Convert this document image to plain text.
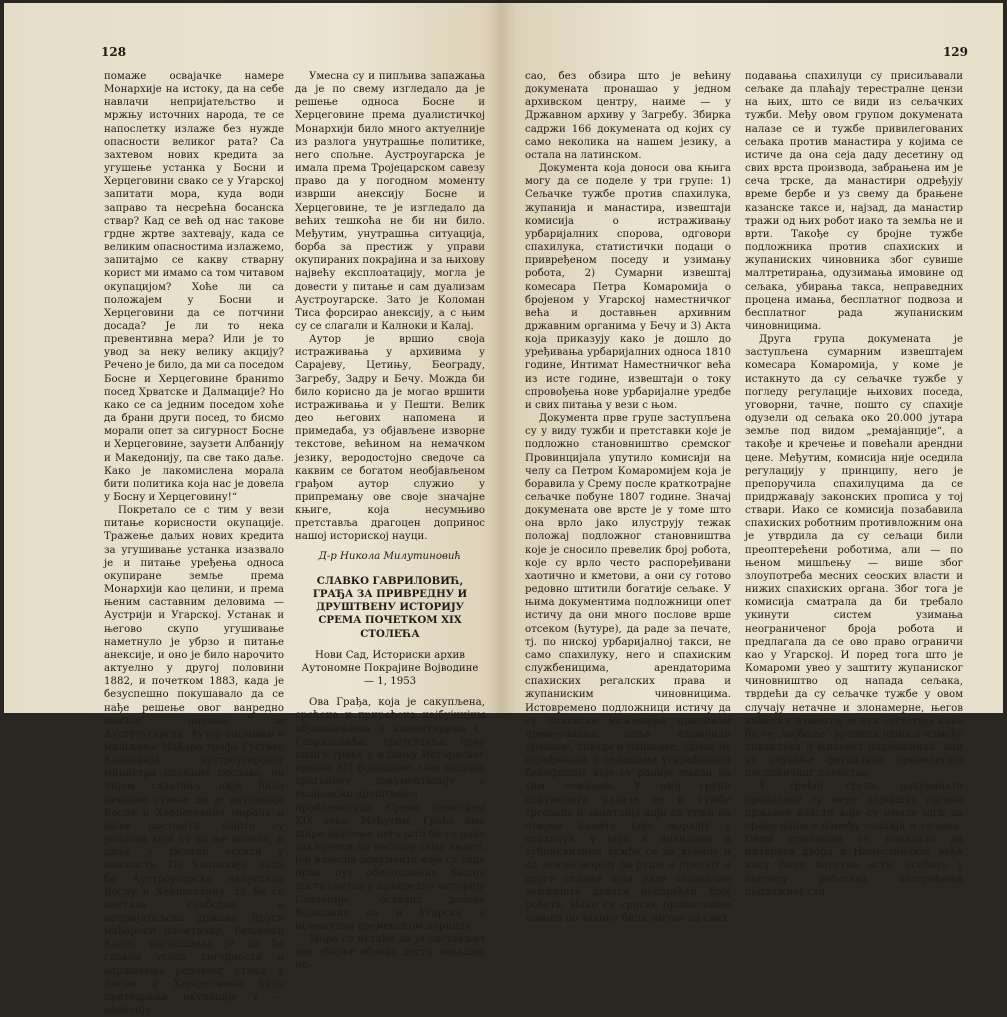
128

помаже освајачке намере Монархије на истоку, да на себе навлачи непријатељство и мржњу источних народа, те се напослетку излаже без нужде опасности великог рата? Са захтевом нових кредита за угушење устанка у Босни и Херцеговини свако се у Угарској запитати мора, куда води заправо та несрећна босанска ствар? Кад се већ од нас такове грдне жртве захтевају, када се великим опасностима излажемо, запитајмо се какву стварну корист ми имамо са том читавом окупацијом? Хоће ли са положајем у Босни и Херцеговини да се потчини досада? Је ли то нека превентивна мера? Или је то увод за неку велику акцију? Речено је било, да ми са поседом Босне и Херцеговине браниmo посед Хрватске и Далмације? Но како се са једним поседом хоће да брани други посед, то бисмо морали опет за сигурност Босне и Херцеговине, заузети Албанију и Македонију, па све тако даље. Како је лакомислена морала бити политика која нас је довела у Босну и Херцеговину!“

Покретало се с тим у вези питање корисности окупације. Тражење даљих нових кредита за угушивање устанка изазвало је и питање уређења односа окупиране земље према Монархији као целини, и према њеним саставним деловима — Аустрији и Угарској. Устанак и његово скупо угушивање наметнуло је убрзо и питање анексије, и оно је било нарочито актуелно у другој половини 1882, и почетком 1883, када је безуспешно покушавало да се нађе решење овог ванредно важног питања за Аустроугарску. Аутор спомиње и мишљење Мађара трофа Густава Калнокија, аустроугарског министра спољних послова, по чијем схватању није било никакве сумње да је окупација Босне и Херцеговине морала и даље постојати, пошто су разлози који су до ње довели, и даље у целини остали у важности. По Калнокију, када би Аустроугарска напустила Босну и Херцеговину, ту би се настала слободна и непријатељска држава. Други мађарски политичар, Бењамин Калај, наглашавао је да би главни услов сигурности и одржавања редовног стања у Босни и Херцеговини било претварање окупације у — анексију.

Умесна су и пипљива запажања да је по свему изгледало да је решење односа Босне и Херцеговине према дуалистичкој Монархији било много актуелније из разлога унутрашње политике, него спољне. Аустроугарска је имала према Тројецарском савезу право да у погодном моменту изврши анексију Босне и Херцеговине, те је изгледало да већих тешкоћа не би ни било. Међутим, унутрашња ситуација, борба за престиж у управи окупираних покрајина и за њихову највећу експлоатацију, могла је довести у питање и сам дуализам Аустроугарске. Зато је Коломан Тиса форсирао анексију, а с њим су се слагали и Калноки и Калај.

Аутор је вршио своја истраживања у архивима у Сарајеву, Цетињу, Београду, Загребу, Задру и Бечу. Можда би било корисно да је могао вршити истраживања и у Пешти. Велик део његових напомена и примедаба, уз објављене изворне текстове, већином на немачком језику, веродостојно сведоче са каквим се богатом необјављеном грађом аутор служио у припремању ове своје значајне књиге, која несумњиво претставља драгоцен допринос нашој историској науци.

Д-р Никола Милутиновић

СЛАВКО ГАВРИЛОВИЋ, ГРАЂА ЗА ПРИВРЕДНУ И ДРУШТВЕНУ ИСТОРИЈУ СРЕМА ПОЧЕТКОМ XIX СТОЛЕЋА
Нови Сад, Историски архив Аутономне Покрајине Војводине — 1, 1953

Ова Грађа, која је сакупљена, сређена и приређена најбујнијим објашњењима и коментарима С. Гавриловића, претставља прву књигу грађе у издању Историског архива АП Војводине. Она садржи драгоцену документацију о економско-друштвеној проблематици Срема почетком XIX века. Међутим, Грађа има шире значење него што би се дало закључити по наслову саме књиге, јер извесна документа која су овде први пут обелодањена бацају доста светла у привредну историју Славоније, осталих делова Војводине па и Угарске у поменутом временском периоду.

Мора се истаћи да је састављач ове збирке обавио доста замашан по-

129

сао, без обзира што је већину докумената пронашао у једном архивском центру, наиме — у Државном архиву у Загребу. Збирка садржи 166 докумената од којих су само неколика на нашем језику, а остала на латинском.

Документа која доноси ова књига могу да се поделе у три групе: 1) Сељачке тужбе против спахилука, жупанија и манастира, извештаји комисија о истраживању урбаријалних спорова, одговори спахилука, статистички подаци о привређеном поседу и узимању робота, 2) Сумарни извештај комесара Петра Комаромија о бројеном у Угарској наместничког већа и доставњен архивним државним органима у Бечу и 3) Акта која приказују како је дошло до уређивања урбаријалних односа 1810 године, Интимат Наместничког већа из исте године, извештаји о току спровођења нове урбаријалне уредбе и свих питања у вези с њом.

Документа прве групе заступљена су у виду тужби и претставки које је подложно становништво сремског Провинцијала упутило комисији на челу са Петром Комаромијем која је боравила у Срему после краткотрајне сељачке побуне 1807 године. Значај докумената ове врсте је у томе што она врло јако илуструју тежак положај подложног становништва које је сносило превелик број робота, које су врло често распоређивани хаотично и кметови, а они су готово редовно штитили богатије сељаке. У њима документима подложници опет истичу да они много послове врше отсеком (ћутуре), да раде за печате, тј. по ниској урбаријалној такси, не само спахилуку, него и спахиским службеницима, арендаторима спахиских регалских права и жупаниским чиновницима. Истовремено подложници истичу да су спахиски инжењери приликом премеравања поља издвојили оранице, ливаде и пашњаке, одмах их ограђивали и сељацима ускраћивали бенефиције које су раније имали на тим земљама. У овој групи докумената налазе се и тужбе трговаца и занатлија који се тужи на отвомо намете које моралју у спахилук, у који и инвилини и субинквилини тужбе се да кућице и од земље морају да руше и предају и друге сељаке који раде сезонално земљиште давати неодређен број робота. Иако су српске православне повода по закону били имуне од свих

подавања спахилуци су присиљавали сељаке да плаћају терестралне цензи на њих, што се види из сељачких тужби. Међу овом групом докумената налазе се и тужбе привилегованих сељака против манастира у којима се истиче да она сеја даду десетину од свих врста производа, забрањена им је сеча трске, да манастири одређују време бербе и уз свему да брањене казанске таксе и, најзад, да манастир тражи од њих робот иако та земља не и врти. Такође су бројне тужбе подложника против спахиских и жупаниских чиновника због сувише малтретирања, одузимања имовине од сељака, убирања такса, неправедних процена имања, бесплатног подвоза и бесплатног рада жупаниским чиновницима.

Друга група докумената је заступљена сумарним извештајем комесара Комаромија, у коме је истакнуто да су сељачке тужбе у погледу регулације њихових поседа, уговорни, тачне, пошто су спахије одузели од сељака око 20.000 јутара земље под видом „ремајанције“, а такође и кречење и повећали арендни цене. Међутим, комисија није оседила регулацију у принципу, него је препоручила спахилуцима да се придржавају законских прописа у тој ствари. Иако се комисија позабавила спахиских роботним противложним она је утврдила да су сељаци били преоптерећени роботима, али — по њеном мишљењу — више због злоупотреба месних сеоских власти и нижих спахиских органа. Због тога је комисија сматрала да би требало укинути систем узимања неограниченог броја робота и предлагала да се ово право ограничи као у Угарској. И поред тога што је Комароми увео у заштиту жупаниског чиновништво од напада сељака, тврдећи да су сељачке тужбе у овом случају нетачне и злонамерне, његов комиски извештај је пун сугестија како би се „најбоље“ уредили односи између спахилука и њихових подложника, али уз очување феудалних привилегија поседничког племства.

У трећој групи докумената приказане су мере највиших органа државне власти које су имале циљ да среде односе између спахија и сељака. Овом приликом се показало да интереси двора и Наместничког већа нису били потпуно исти, особито у погледу роботних оптерећења подложног ста-
